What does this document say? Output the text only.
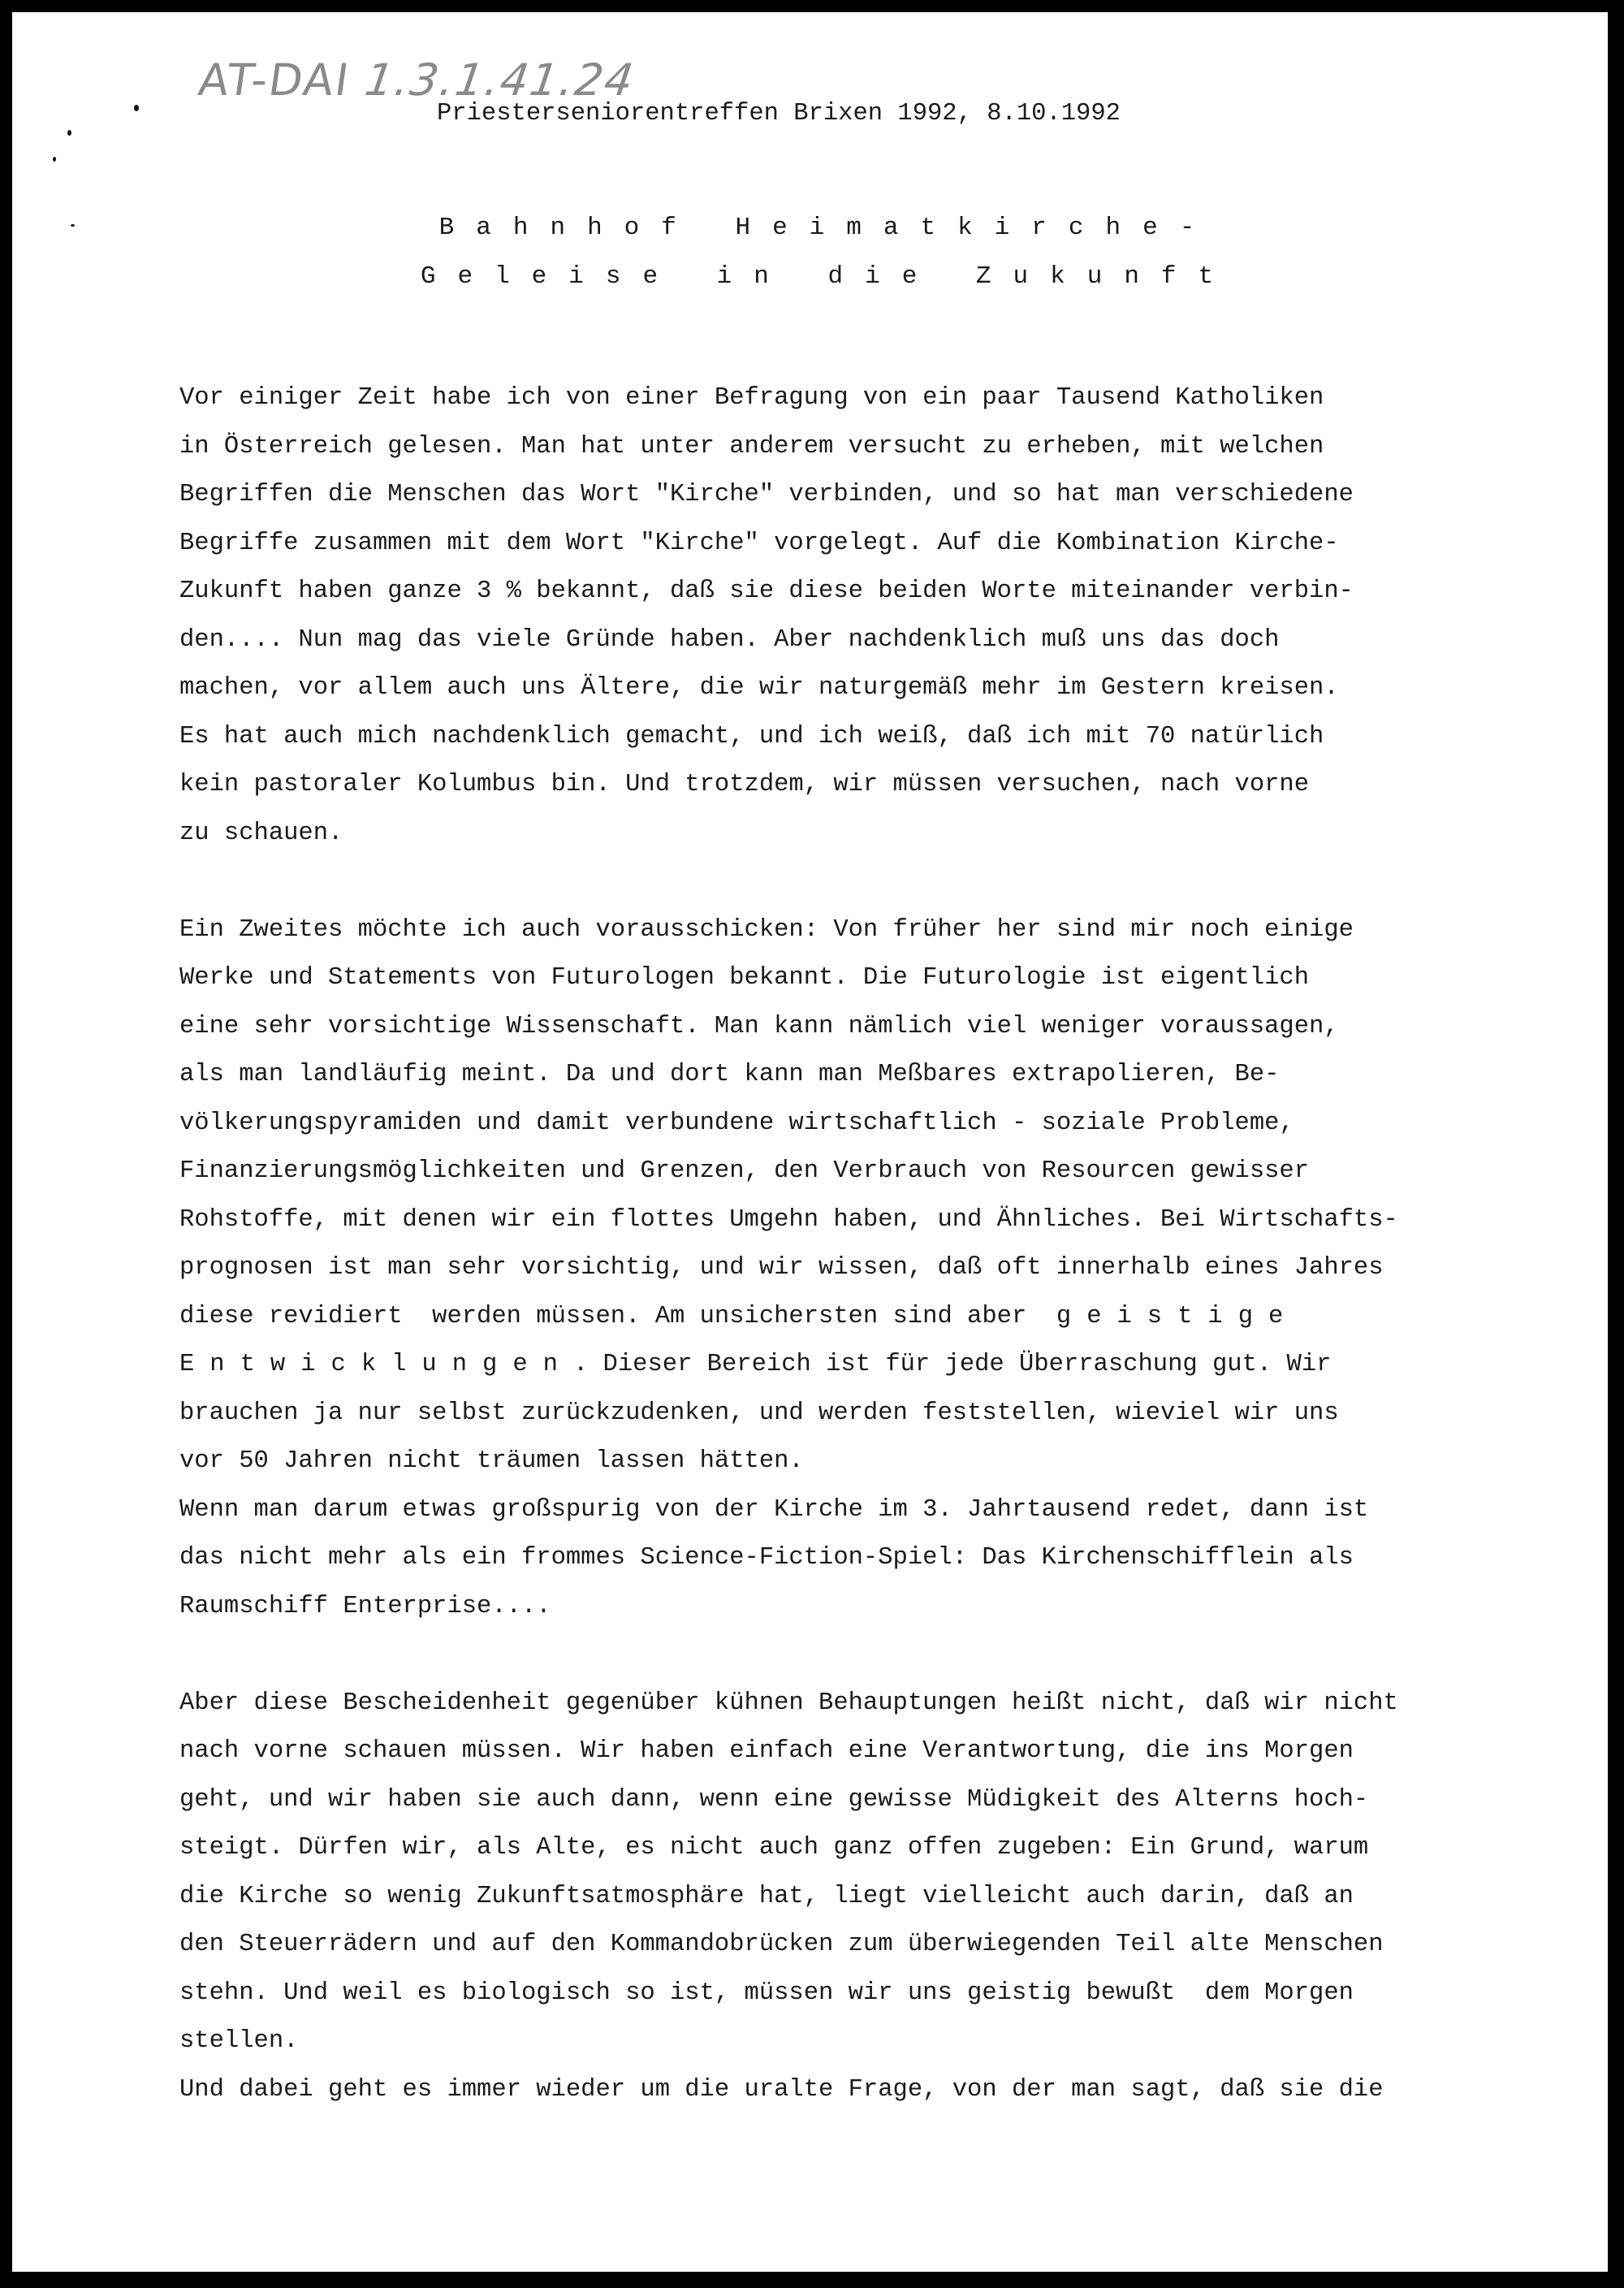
AT-DAI 1.3.1.41.24
Priesterseniorentreffen Brixen 1992, 8.10.1992
Bahnhof Heimatkirche-
Geleise in die Zukunft
Vor einiger Zeit habe ich von einer Befragung von ein paar Tausend Katholiken
in Österreich gelesen. Man hat unter anderem versucht zu erheben, mit welchen
Begriffen die Menschen das Wort "Kirche" verbinden, und so hat man verschiedene
Begriffe zusammen mit dem Wort "Kirche" vorgelegt. Auf die Kombination Kirche-
Zukunft haben ganze 3 % bekannt, daß sie diese beiden Worte miteinander verbin-
den.... Nun mag das viele Gründe haben. Aber nachdenklich muß uns das doch
machen, vor allem auch uns Ältere, die wir naturgemäß mehr im Gestern kreisen.
Es hat auch mich nachdenklich gemacht, und ich weiß, daß ich mit 70 natürlich
kein pastoraler Kolumbus bin. Und trotzdem, wir müssen versuchen, nach vorne
zu schauen.
Ein Zweites möchte ich auch vorausschicken: Von früher her sind mir noch einige
Werke und Statements von Futurologen bekannt. Die Futurologie ist eigentlich
eine sehr vorsichtige Wissenschaft. Man kann nämlich viel weniger voraussagen,
als man landläufig meint. Da und dort kann man Meßbares extrapolieren, Be-
völkerungspyramiden und damit verbundene wirtschaftlich - soziale Probleme,
Finanzierungsmöglichkeiten und Grenzen, den Verbrauch von Resourcen gewisser
Rohstoffe, mit denen wir ein flottes Umgehn haben, und Ähnliches. Bei Wirtschafts-
prognosen ist man sehr vorsichtig, und wir wissen, daß oft innerhalb eines Jahres
diese revidiert  werden müssen. Am unsichersten sind aber  geistige
Entwicklungen. Dieser Bereich ist für jede Überraschung gut. Wir
brauchen ja nur selbst zurückzudenken, und werden feststellen, wieviel wir uns
vor 50 Jahren nicht träumen lassen hätten.
Wenn man darum etwas großspurig von der Kirche im 3. Jahrtausend redet, dann ist
das nicht mehr als ein frommes Science-Fiction-Spiel: Das Kirchenschifflein als
Raumschiff Enterprise....
Aber diese Bescheidenheit gegenüber kühnen Behauptungen heißt nicht, daß wir nicht
nach vorne schauen müssen. Wir haben einfach eine Verantwortung, die ins Morgen
geht, und wir haben sie auch dann, wenn eine gewisse Müdigkeit des Alterns hoch-
steigt. Dürfen wir, als Alte, es nicht auch ganz offen zugeben: Ein Grund, warum
die Kirche so wenig Zukunftsatmosphäre hat, liegt vielleicht auch darin, daß an
den Steuerrädern und auf den Kommandobrücken zum überwiegenden Teil alte Menschen
stehn. Und weil es biologisch so ist, müssen wir uns geistig bewußt  dem Morgen
stellen.
Und dabei geht es immer wieder um die uralte Frage, von der man sagt, daß sie die
